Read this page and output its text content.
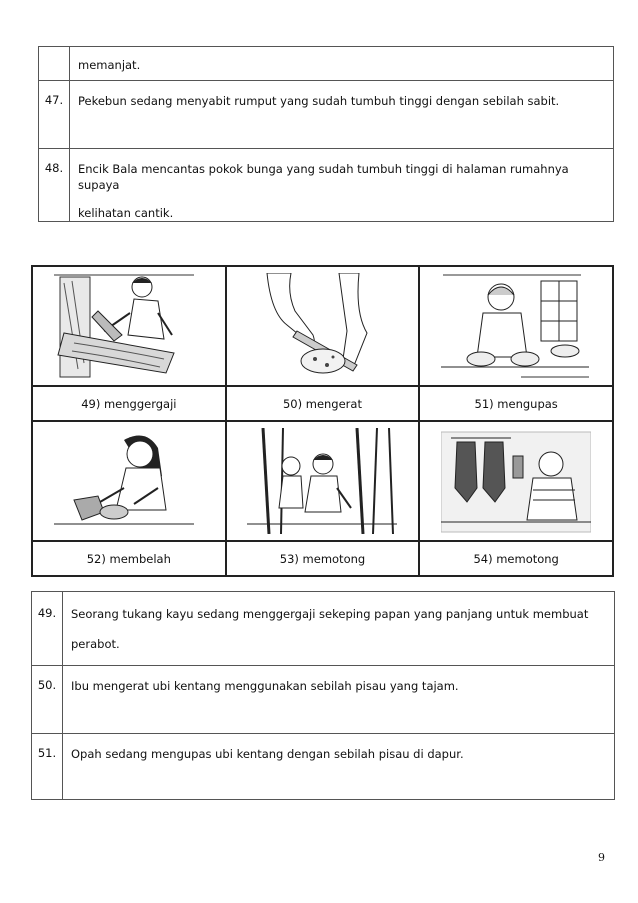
	memanjat.

47.	Pekebun sedang menyabit rumput yang sudah tumbuh tinggi dengan sebilah sabit.

48.	Encik Bala mencantas pokok bunga yang sudah tumbuh tinggi di halaman rumahnya supaya
kelihatan cantik.

49) menggergaji	50) mengerat	51) mengupas

52) membelah	53) memotong	54) memotong
49.	Seorang tukang kayu sedang menggergaji sekeping papan yang panjang untuk membuat
perabot.

50.	Ibu mengerat ubi kentang menggunakan sebilah pisau yang tajam.

51.	Opah sedang mengupas ubi kentang dengan sebilah pisau di dapur.
9
